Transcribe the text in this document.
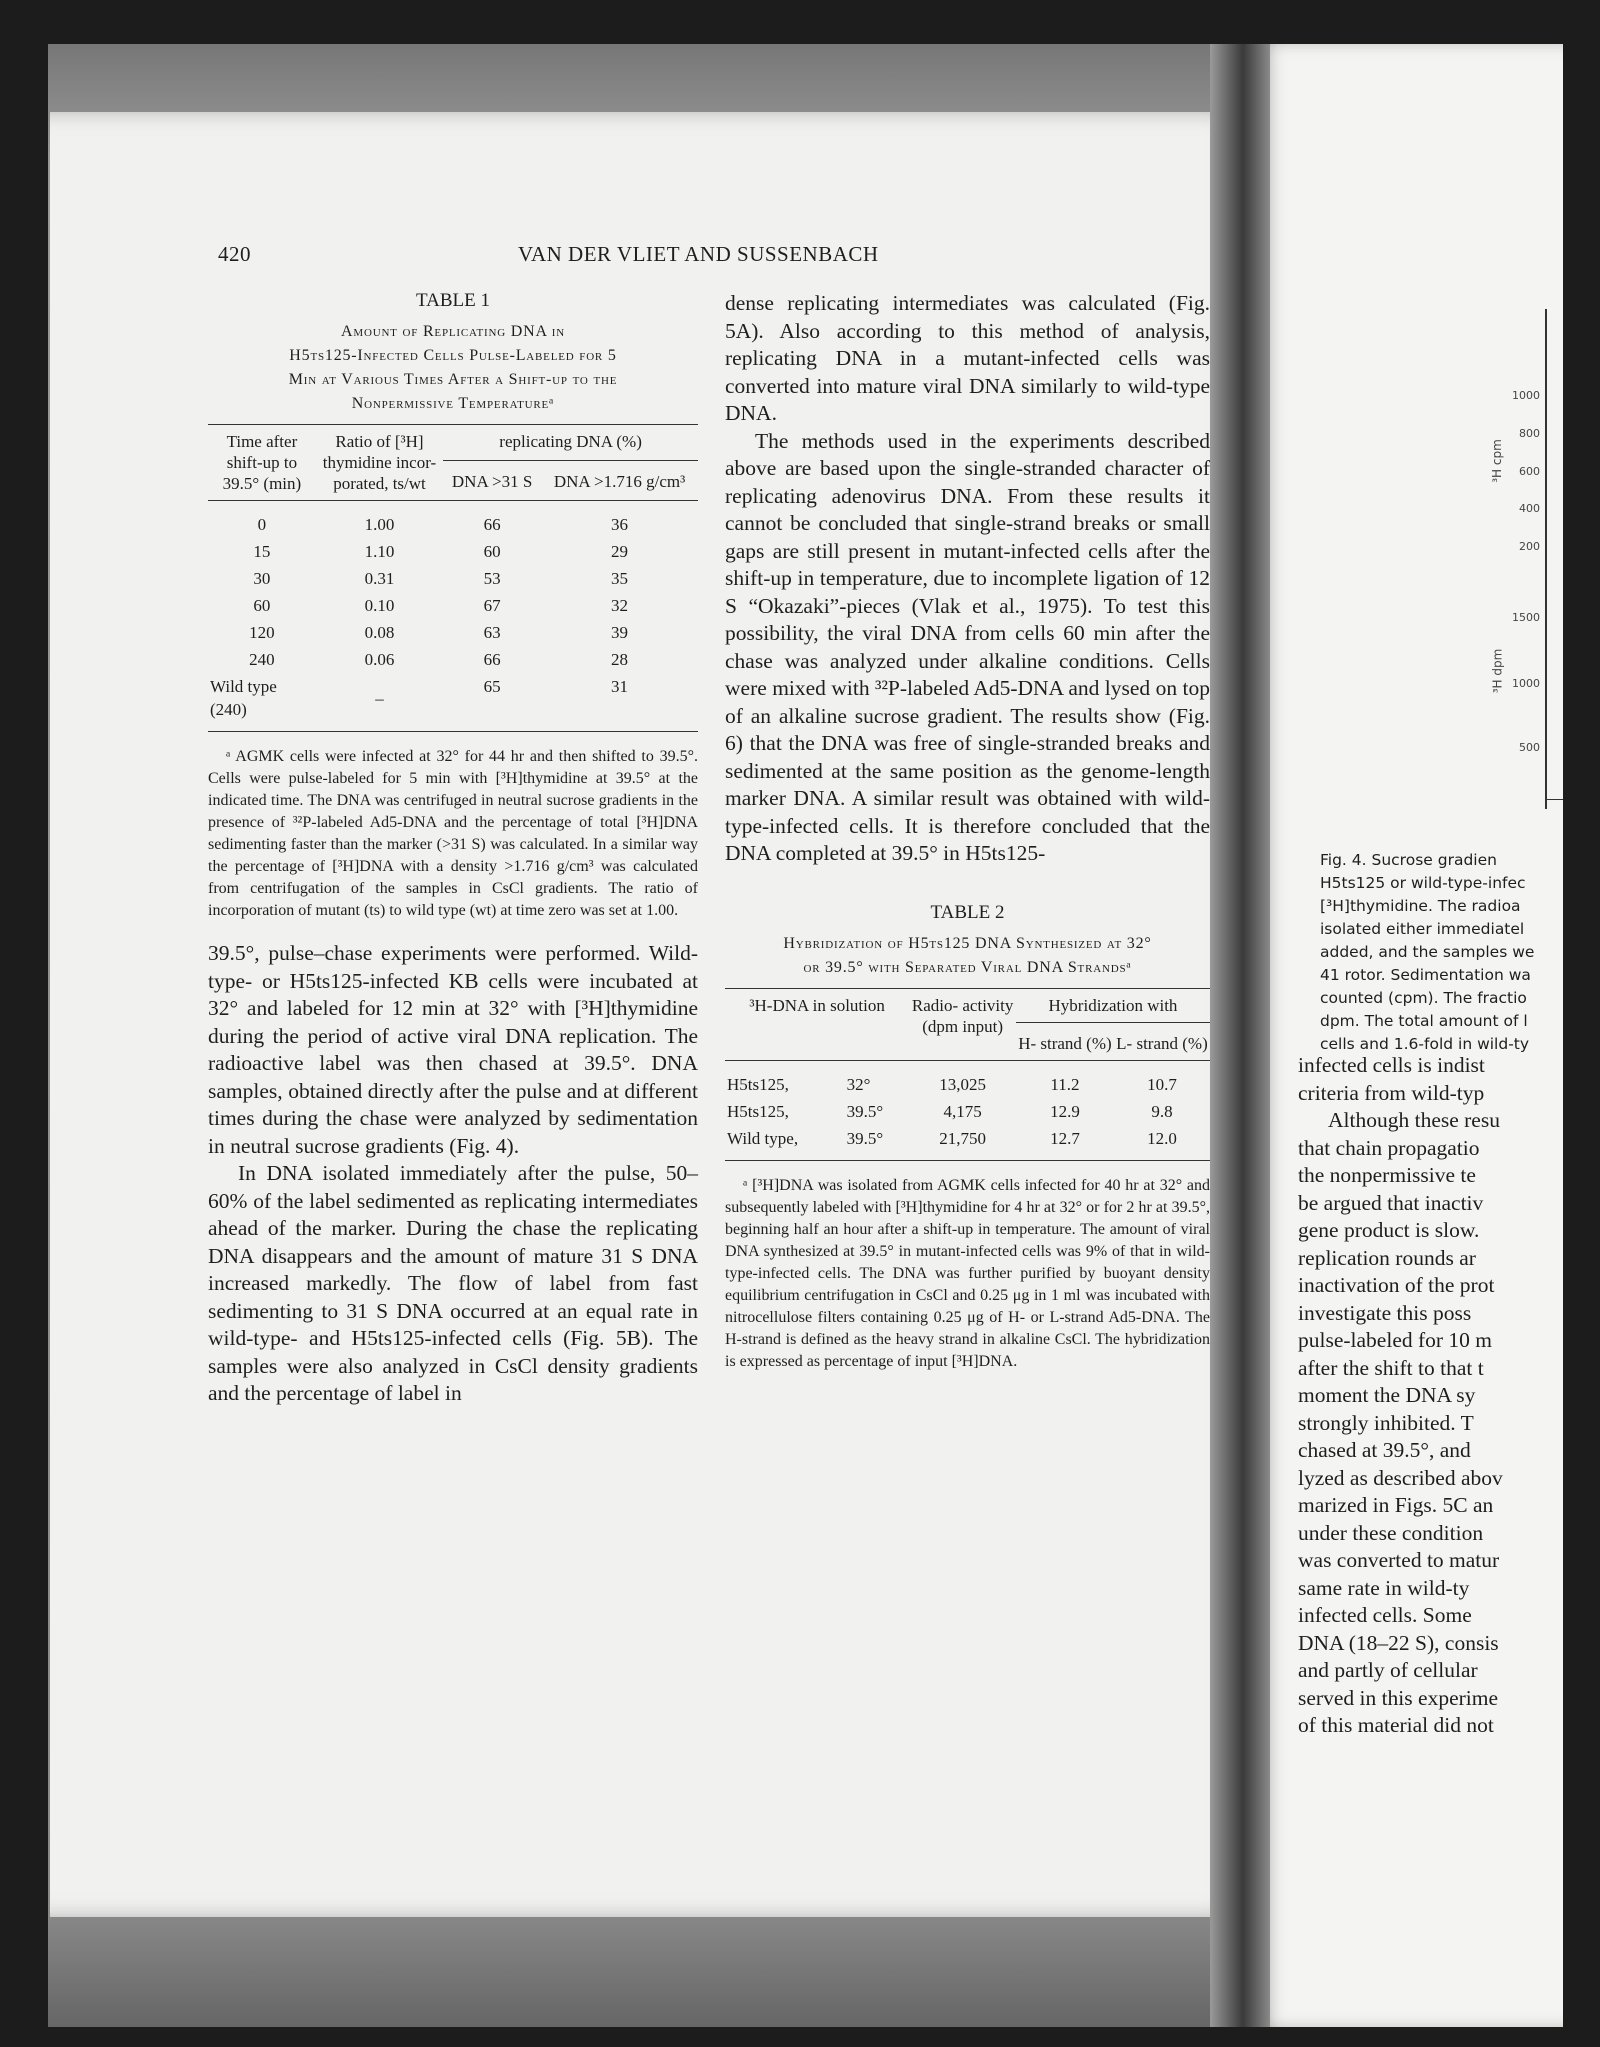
1000
800
600
400
200
³H cpm
1500
1000
500
³H dpm
Fig. 4. Sucrose gradien
H5ts125 or wild-type-infec
[³H]thymidine. The radioa
isolated either immediatel
added, and the samples we
41 rotor. Sedimentation wa
counted (cpm). The fractio
dpm. The total amount of l
cells and 1.6-fold in wild-ty
infected cells is indist
criteria from wild-typ
Although these resu
that chain propagatio
the nonpermissive te
be argued that inactiv
gene product is slow.
replication rounds ar
inactivation of the prot
investigate this poss
pulse-labeled for 10 m
after the shift to that t
moment the DNA sy
strongly inhibited. T
chased at 39.5°, and
lyzed as described abov
marized in Figs. 5C an
under these condition
was converted to matur
same rate in wild-ty
infected cells. Some
DNA (18–22 S), consis
and partly of cellular
served in this experime
of this material did not
420	VAN DER VLIET AND SUSSENBACH
TABLE 1
Amount of Replicating DNA in
H5ts125-Infected Cells Pulse-Labeled for 5
Min at Various Times After a Shift-up to the
Nonpermissive Temperatureᵃ
Time after shift-up to 39.5° (min)	Ratio of [³H] thymidine incor- porated, ts/wt	replicating DNA (%)	
		DNA >31 S	DNA >1.716 g/cm³
0	1.00	66	36
15	1.10	60	29
30	0.31	53	35
60	0.10	67	32
120	0.08	63	39
240	0.06	66	28
Wild type (240)	–	65	31

ᵃ AGMK cells were infected at 32° for 44 hr and then shifted to 39.5°. Cells were pulse-labeled for 5 min with [³H]thymidine at 39.5° at the indicated time. The DNA was centrifuged in neutral sucrose gradients in the presence of ³²P-labeled Ad5-DNA and the percentage of total [³H]DNA sedimenting faster than the marker (>31 S) was calculated. In a similar way the percentage of [³H]DNA with a density >1.716 g/cm³ was calculated from centrifugation of the samples in CsCl gradients. The ratio of incorporation of mutant (ts) to wild type (wt) at time zero was set at 1.00.

39.5°, pulse–chase experiments were performed. Wild-type- or H5ts125-infected KB cells were incubated at 32° and labeled for 12 min at 32° with [³H]thymidine during the period of active viral DNA replication. The radioactive label was then chased at 39.5°. DNA samples, obtained directly after the pulse and at different times during the chase were analyzed by sedimentation in neutral sucrose gradients (Fig. 4).

In DNA isolated immediately after the pulse, 50–60% of the label sedimented as replicating intermediates ahead of the marker. During the chase the replicating DNA disappears and the amount of mature 31 S DNA increased markedly. The flow of label from fast sedimenting to 31 S DNA occurred at an equal rate in wild-type- and H5ts125-infected cells (Fig. 5B). The samples were also analyzed in CsCl density gradients and the percentage of label in

dense replicating intermediates was calculated (Fig. 5A). Also according to this method of analysis, replicating DNA in a mutant-infected cells was converted into mature viral DNA similarly to wild-type DNA.

The methods used in the experiments described above are based upon the single-stranded character of replicating adenovirus DNA. From these results it cannot be concluded that single-strand breaks or small gaps are still present in mutant-infected cells after the shift-up in temperature, due to incomplete ligation of 12 S “Okazaki”-pieces (Vlak et al., 1975). To test this possibility, the viral DNA from cells 60 min after the chase was analyzed under alkaline conditions. Cells were mixed with ³²P-labeled Ad5-DNA and lysed on top of an alkaline sucrose gradient. The results show (Fig. 6) that the DNA was free of single-stranded breaks and sedimented at the same position as the genome-length marker DNA. A similar result was obtained with wild-type-infected cells. It is therefore concluded that the DNA completed at 39.5° in H5ts125-

TABLE 2
Hybridization of H5ts125 DNA Synthesized at 32°
or 39.5° with Separated Viral DNA Strandsᵃ
³H-DNA in solution		Radio- activity (dpm input)	Hybridization with	
			H- strand (%)	L- strand (%)
H5ts125,	32°	13,025	11.2	10.7
H5ts125,	39.5°	4,175	12.9	9.8
Wild type,	39.5°	21,750	12.7	12.0

ᵃ [³H]DNA was isolated from AGMK cells infected for 40 hr at 32° and subsequently labeled with [³H]thymidine for 4 hr at 32° or for 2 hr at 39.5°, beginning half an hour after a shift-up in temperature. The amount of viral DNA synthesized at 39.5° in mutant-infected cells was 9% of that in wild-type-infected cells. The DNA was further purified by buoyant density equilibrium centrifugation in CsCl and 0.25 μg in 1 ml was incubated with nitrocellulose filters containing 0.25 μg of H- or L-strand Ad5-DNA. The H-strand is defined as the heavy strand in alkaline CsCl. The hybridization is expressed as percentage of input [³H]DNA.
